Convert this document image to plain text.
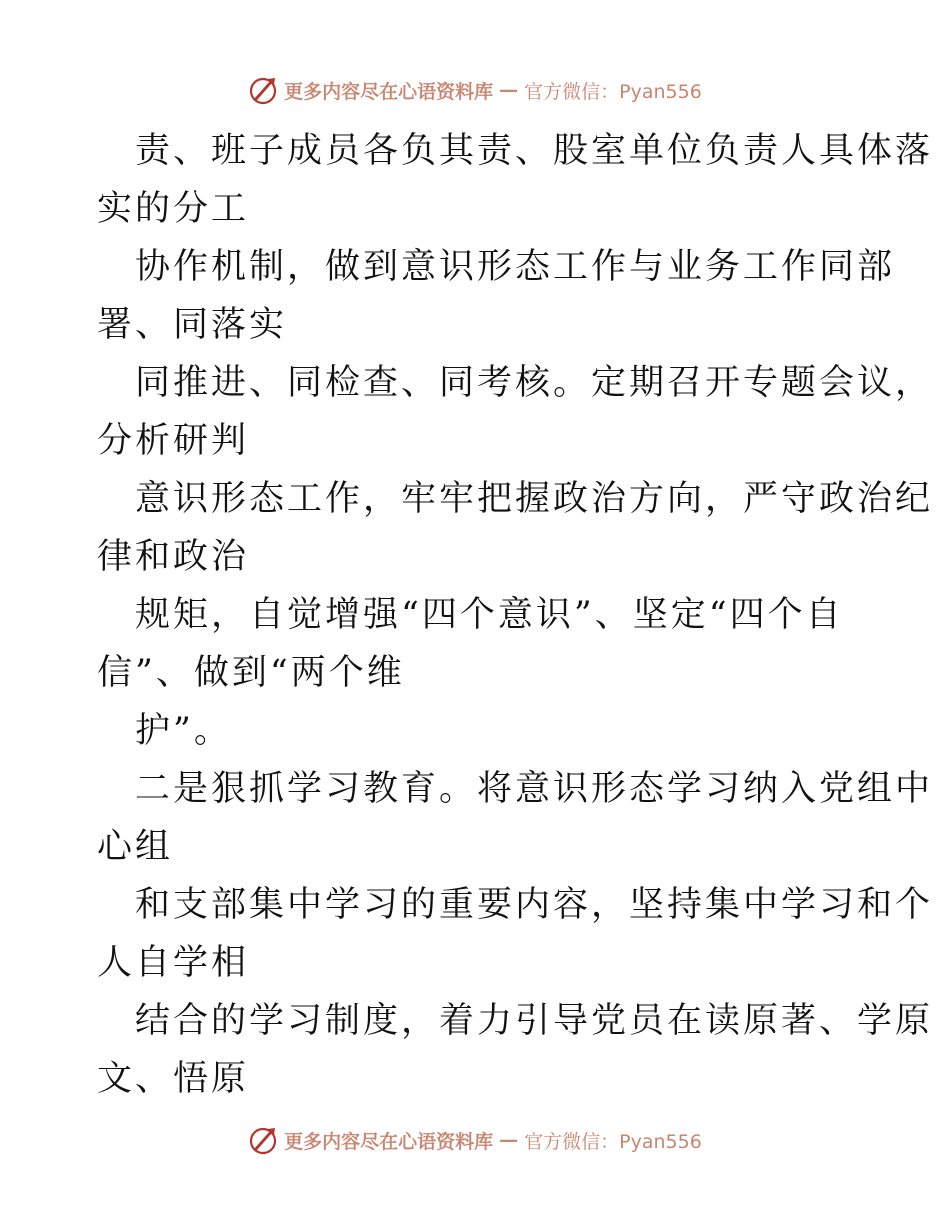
更多内容尽在心语资料库 — 官方微信：Pyan556
责、班子成员各负其责、股室单位负责人具体落
实的分工
协作机制，做到意识形态工作与业务工作同部
署、同落实
同推进、同检查、同考核。定期召开专题会议，
分析研判
意识形态工作，牢牢把握政治方向，严守政治纪
律和政治
规矩，自觉增强“四个意识”、坚定“四个自
信”、做到“两个维
护”。
二是狠抓学习教育。将意识形态学习纳入党组中
心组
和支部集中学习的重要内容，坚持集中学习和个
人自学相
结合的学习制度，着力引导党员在读原著、学原
文、悟原
更多内容尽在心语资料库 — 官方微信：Pyan556
